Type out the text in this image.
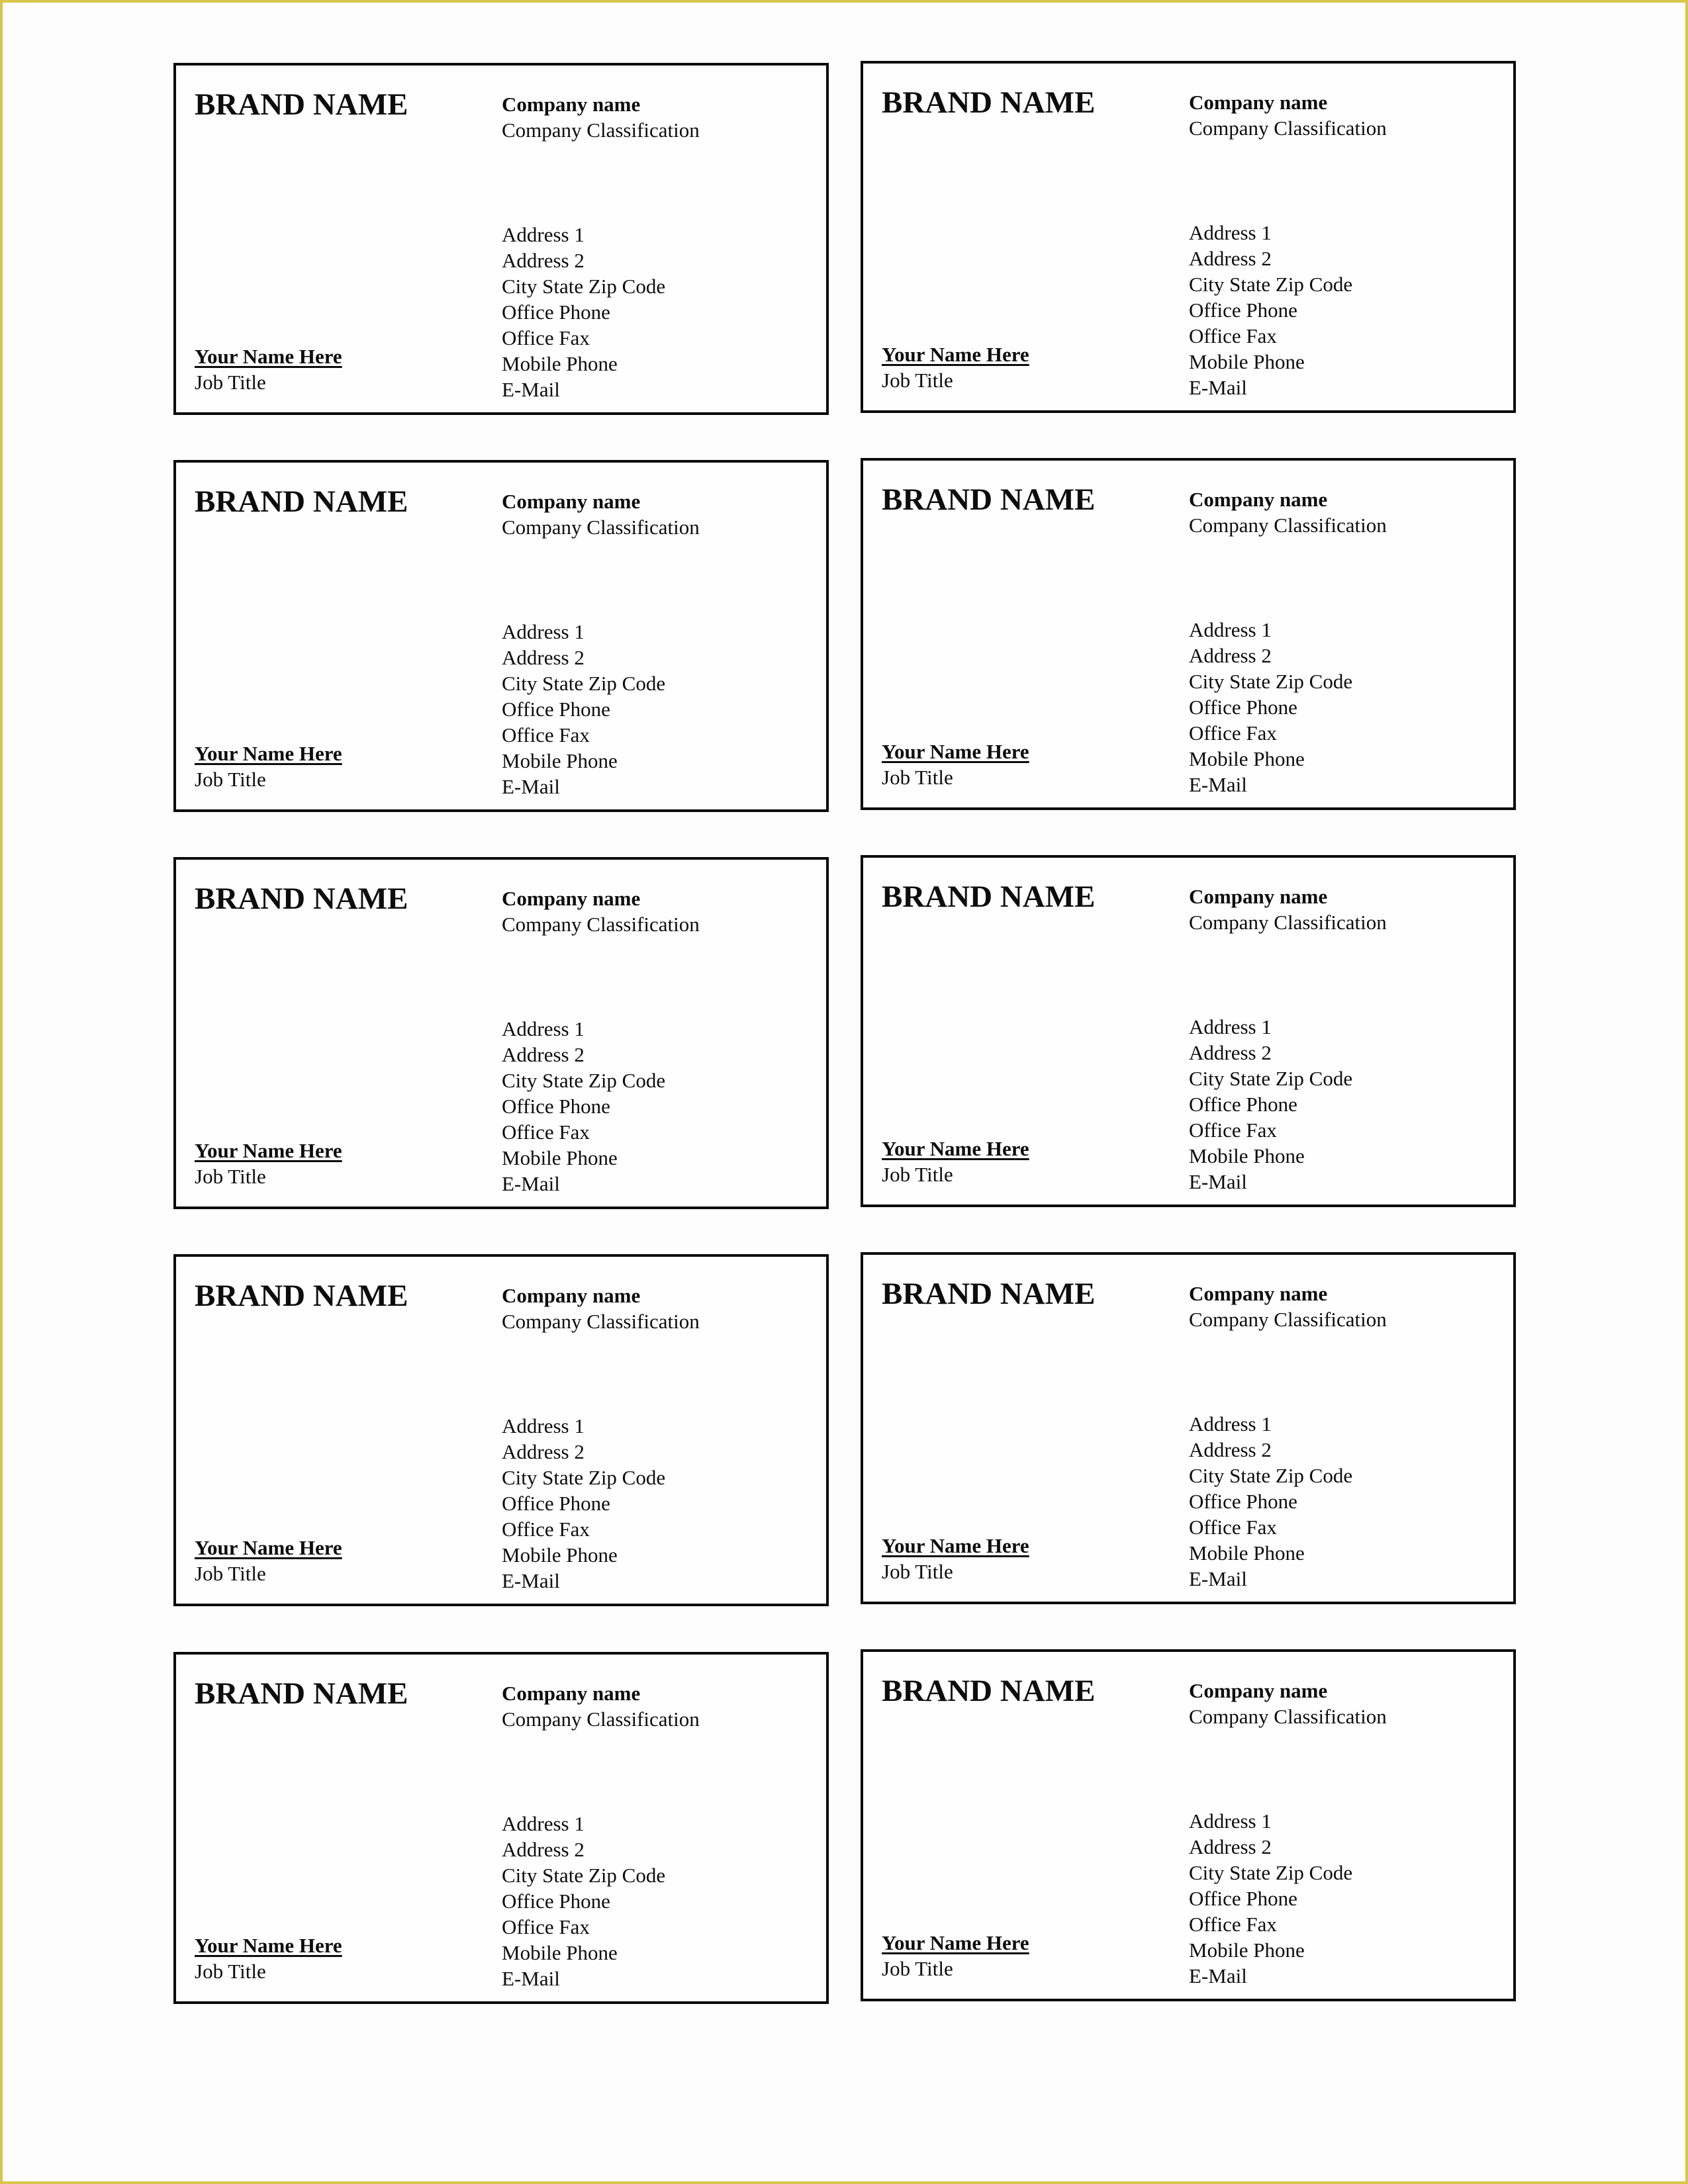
BRAND NAME	Company name
Company Classification
Address 1
Address 2
City State Zip Code
Office Phone
Office Fax
Mobile Phone
E-Mail
Your Name Here
Job Title
BRAND NAME	Company name
Company Classification
Address 1
Address 2
City State Zip Code
Office Phone
Office Fax
Mobile Phone
E-Mail
Your Name Here
Job Title
BRAND NAME	Company name
Company Classification
Address 1
Address 2
City State Zip Code
Office Phone
Office Fax
Mobile Phone
E-Mail
Your Name Here
Job Title
BRAND NAME	Company name
Company Classification
Address 1
Address 2
City State Zip Code
Office Phone
Office Fax
Mobile Phone
E-Mail
Your Name Here
Job Title
BRAND NAME	Company name
Company Classification
Address 1
Address 2
City State Zip Code
Office Phone
Office Fax
Mobile Phone
E-Mail
Your Name Here
Job Title
BRAND NAME	Company name
Company Classification
Address 1
Address 2
City State Zip Code
Office Phone
Office Fax
Mobile Phone
E-Mail
Your Name Here
Job Title
BRAND NAME	Company name
Company Classification
Address 1
Address 2
City State Zip Code
Office Phone
Office Fax
Mobile Phone
E-Mail
Your Name Here
Job Title
BRAND NAME	Company name
Company Classification
Address 1
Address 2
City State Zip Code
Office Phone
Office Fax
Mobile Phone
E-Mail
Your Name Here
Job Title
BRAND NAME	Company name
Company Classification
Address 1
Address 2
City State Zip Code
Office Phone
Office Fax
Mobile Phone
E-Mail
Your Name Here
Job Title
BRAND NAME	Company name
Company Classification
Address 1
Address 2
City State Zip Code
Office Phone
Office Fax
Mobile Phone
E-Mail
Your Name Here
Job Title
